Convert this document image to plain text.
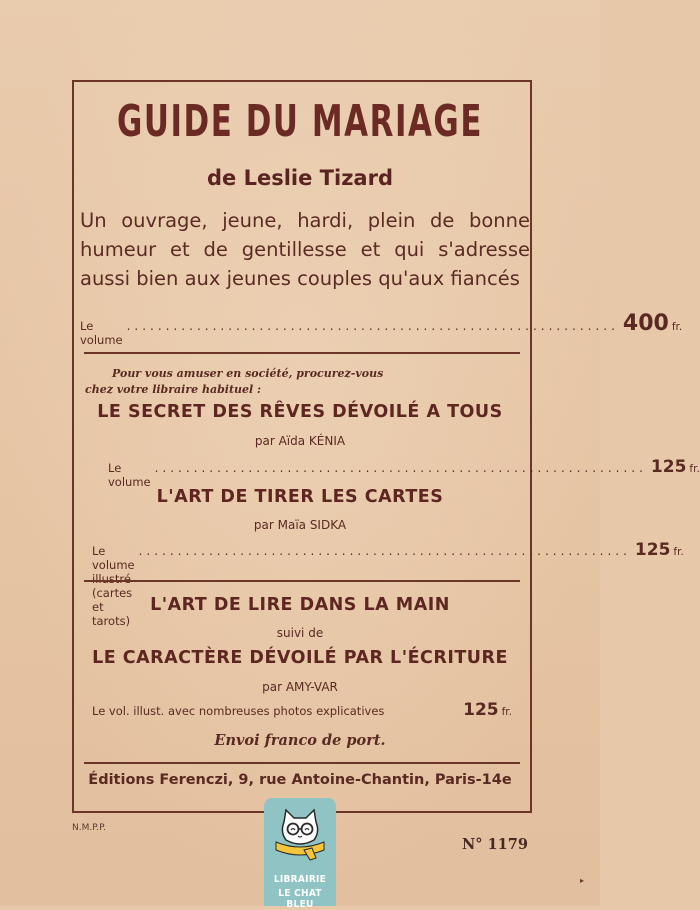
GUIDE DU MARIAGE
de Leslie Tizard
Un ouvrage, jeune, hardi, plein de bonne humeur et de gentillesse et qui s'adresse aussi bien aux jeunes couples qu'aux fiancés
Le volume
............................................................... 400 fr.
Pour vous amuser en société, procurez-vous
chez votre libraire habituel :
LE SECRET DES RÊVES DÉVOILÉ A TOUS
par Aïda KÉNIA
Le volume
............................................................... 125 fr.
L'ART DE TIRER LES CARTES
par Maïa SIDKA
Le volume illustré (cartes et tarots)
............................................................... 125 fr.
L'ART DE LIRE DANS LA MAIN
suivi de
LE CARACTÈRE DÉVOILÉ PAR L'ÉCRITURE
par AMY-VAR
Le vol. illust. avec nombreuses photos explicatives	125 fr.
Envoi franco de port.
Éditions Ferenczi, 9, rue Antoine-Chantin, Paris-14e
N.M.P.P.
N° 1179
LIBRAIRIE
LE CHAT BLEU
▸
